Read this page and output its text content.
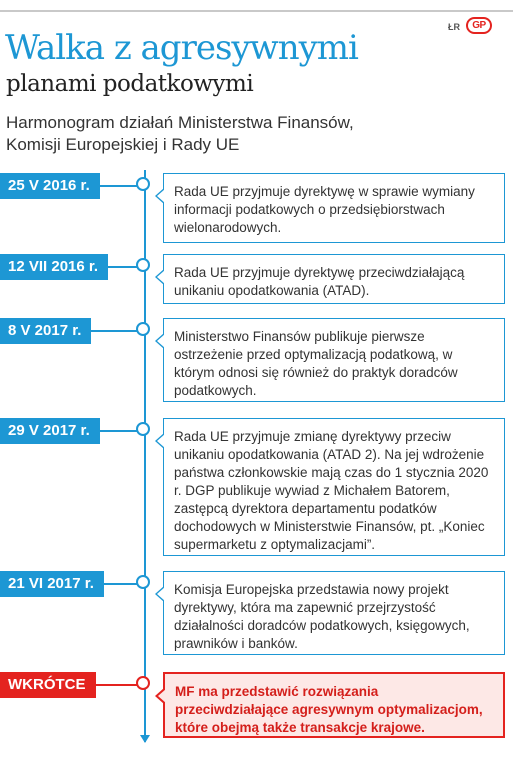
ŁR	GP
Walka z agresywnymi
planami podatkowymi
Harmonogram działań Ministerstwa Finansów,
Komisji Europejskiej i Rady UE
25 V 2016 r.	Rada UE przyjmuje dyrektywę w sprawie wymiany informacji podatkowych o przedsiębiorstwach wielonarodowych.
12 VII 2016 r.	Rada UE przyjmuje dyrektywę przeciwdziałającą unikaniu opodatkowania (ATAD).
8 V 2017 r.	Ministerstwo Finansów publikuje pierwsze ostrzeżenie przed optymalizacją podatkową, w którym odnosi się również do praktyk doradców podatkowych.
29 V 2017 r.	Rada UE przyjmuje zmianę dyrektywy przeciw unikaniu opodatkowania (ATAD 2). Na jej wdrożenie państwa członkowskie mają czas do 1 stycznia 2020 r. DGP publikuje wywiad z Michałem Batorem, zastępcą dyrektora departamentu podatków dochodowych w Ministerstwie Finansów, pt. „Koniec supermarketu z optymalizacjami”.
21 VI 2017 r.	Komisja Europejska przedstawia nowy projekt dyrektywy, która ma zapewnić przejrzystość działalności doradców podatkowych, księgowych, prawników i banków.
WKRÓTCE	MF ma przedstawić rozwiązania przeciwdziałające agresywnym optymalizacjom, które obejmą także transakcje krajowe.
